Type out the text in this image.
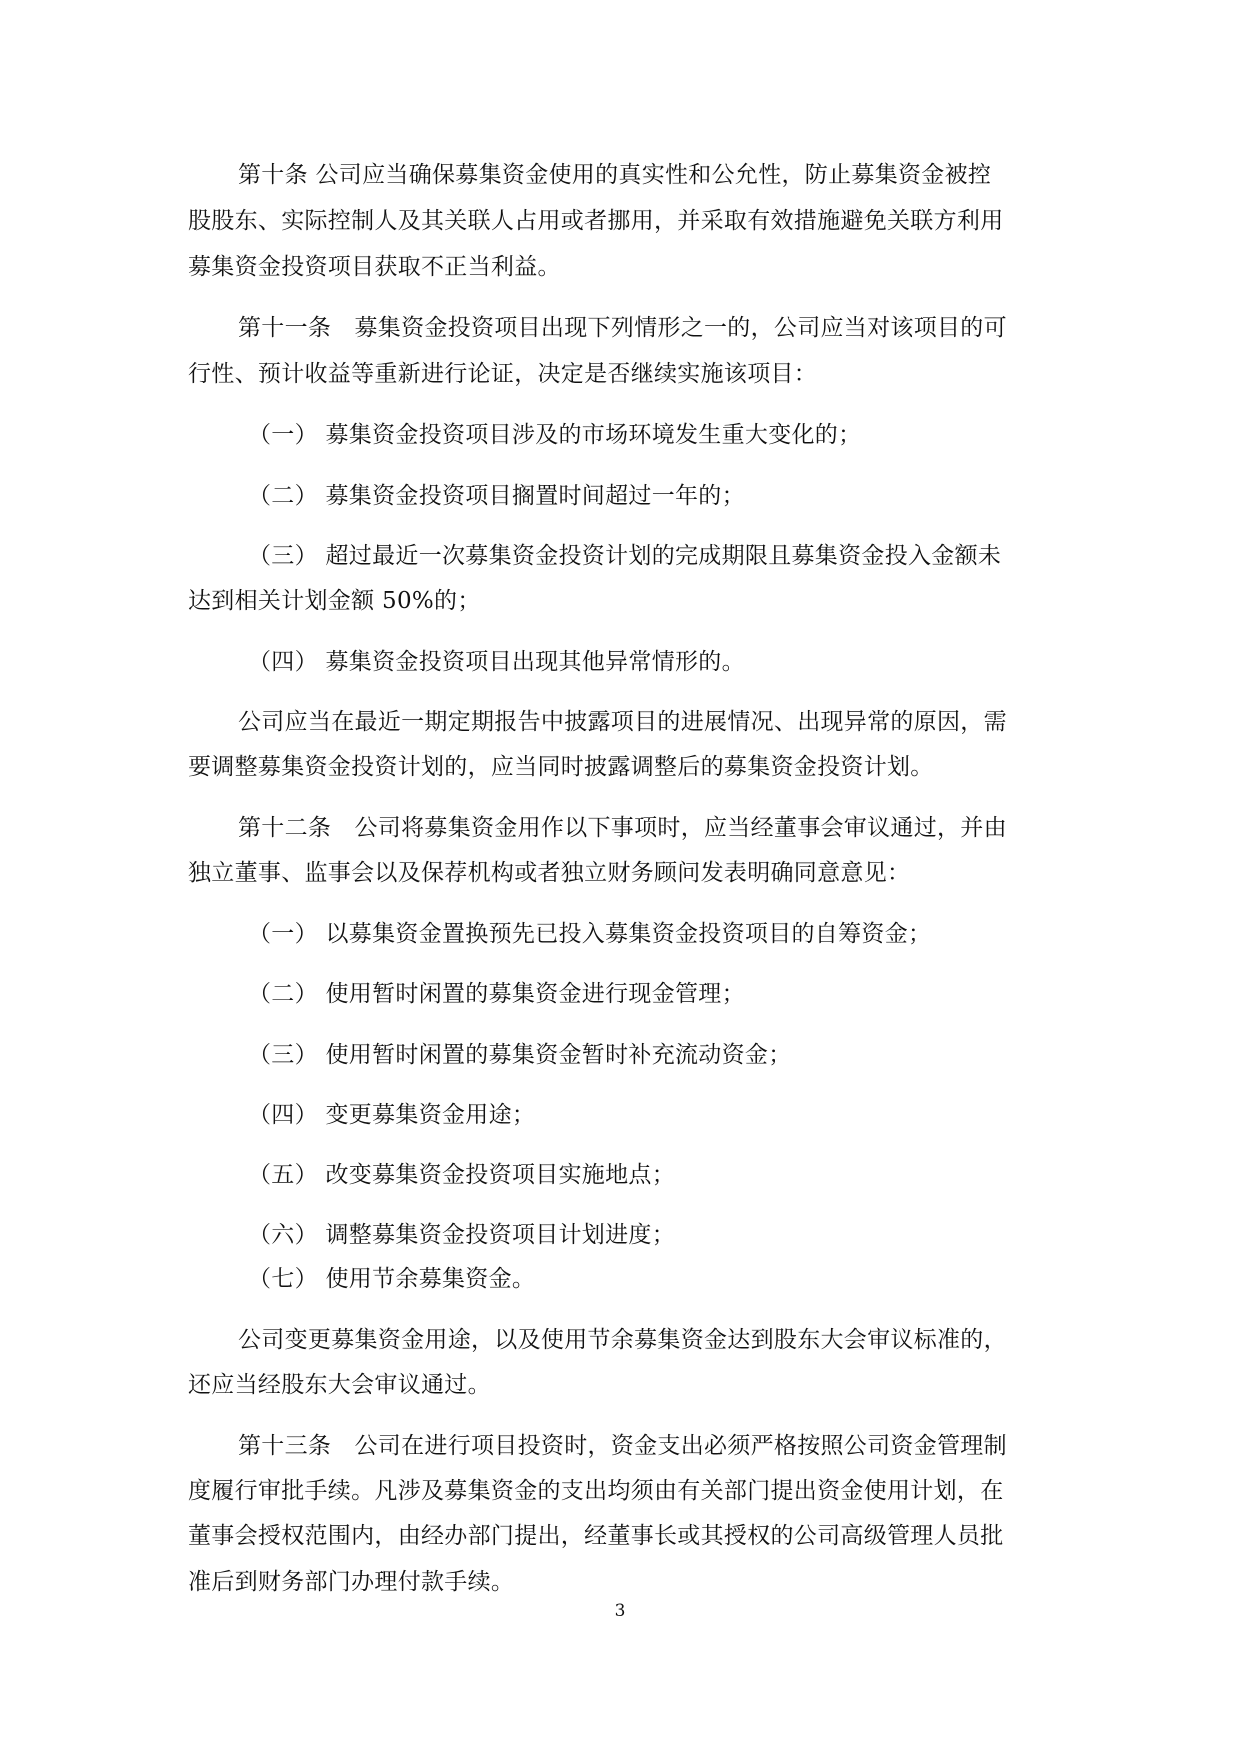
第十条 公司应当确保募集资金使用的真实性和公允性，防止募集资金被控
股股东、实际控制人及其关联人占用或者挪用，并采取有效措施避免关联方利用
募集资金投资项目获取不正当利益。
第十一条　募集资金投资项目出现下列情形之一的，公司应当对该项目的可
行性、预计收益等重新进行论证，决定是否继续实施该项目：
（一） 募集资金投资项目涉及的市场环境发生重大变化的；
（二） 募集资金投资项目搁置时间超过一年的；
（三） 超过最近一次募集资金投资计划的完成期限且募集资金投入金额未
达到相关计划金额 50%的；
（四） 募集资金投资项目出现其他异常情形的。
公司应当在最近一期定期报告中披露项目的进展情况、出现异常的原因，需
要调整募集资金投资计划的，应当同时披露调整后的募集资金投资计划。
第十二条　公司将募集资金用作以下事项时，应当经董事会审议通过，并由
独立董事、监事会以及保荐机构或者独立财务顾问发表明确同意意见：
（一） 以募集资金置换预先已投入募集资金投资项目的自筹资金；
（二） 使用暂时闲置的募集资金进行现金管理；
（三） 使用暂时闲置的募集资金暂时补充流动资金；
（四） 变更募集资金用途；
（五） 改变募集资金投资项目实施地点；
（六） 调整募集资金投资项目计划进度；
（七） 使用节余募集资金。
公司变更募集资金用途，以及使用节余募集资金达到股东大会审议标准的，
还应当经股东大会审议通过。
第十三条　公司在进行项目投资时，资金支出必须严格按照公司资金管理制
度履行审批手续。凡涉及募集资金的支出均须由有关部门提出资金使用计划，在
董事会授权范围内，由经办部门提出，经董事长或其授权的公司高级管理人员批
准后到财务部门办理付款手续。
3
